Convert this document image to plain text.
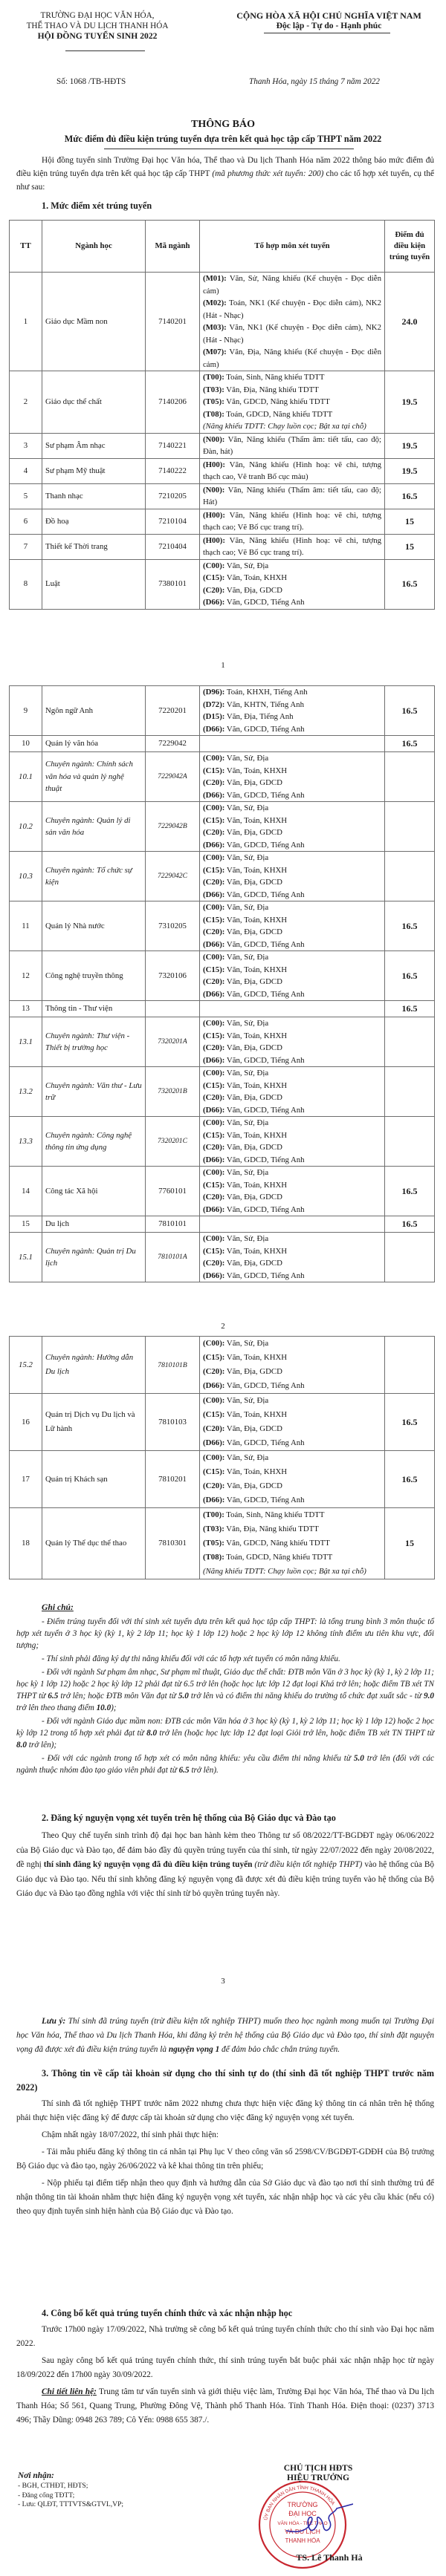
TRƯỜNG ĐẠI HỌC VĂN HÓA,
THỂ THAO VÀ DU LỊCH THANH HÓA
HỘI ĐỒNG TUYỂN SINH 2022
CỘNG HÒA XÃ HỘI CHỦ NGHĨA VIỆT NAM
Độc lập - Tự do - Hạnh phúc
Số: 1068 /TB-HĐTS	Thanh Hóa, ngày 15 tháng 7 năm 2022
THÔNG BÁO
Mức điểm đủ điều kiện trúng tuyển dựa trên kết quả học tập cấp THPT năm 2022

Hội đồng tuyển sinh Trường Đại học Văn hóa, Thể thao và Du lịch Thanh Hóa năm 2022 thông báo mức điểm đủ điều kiện trúng tuyển dựa trên kết quả học tập cấp THPT (mã phương thức xét tuyển: 200) cho các tổ hợp xét tuyển, cụ thể như sau:

1. Mức điểm xét trúng tuyển
TT	Ngành học	Mã ngành	Tổ hợp môn xét tuyển	Điểm đủ điều kiện trúng tuyển
1	Giáo dục Mầm non	7140201	(M01): Văn, Sử, Năng khiếu (Kể chuyện - Đọc diễn cảm)
(M02): Toán, NK1 (Kể chuyện - Đọc diễn cảm), NK2 (Hát - Nhạc)
(M03): Văn, NK1 (Kể chuyện - Đọc diễn cảm), NK2 (Hát - Nhạc)
(M07): Văn, Địa, Năng khiếu (Kể chuyện - Đọc diễn cảm)	24.0
2	Giáo dục thể chất	7140206	(T00): Toán, Sinh, Năng khiếu TDTT
(T03): Văn, Địa, Năng khiếu TDTT
(T05): Văn, GDCD, Năng khiếu TDTT
(T08): Toán, GDCD, Năng khiếu TDTT
(Năng khiếu TDTT: Chạy luồn cọc; Bật xa tại chỗ)	19.5
3	Sư phạm Âm nhạc	7140221	(N00): Văn, Năng khiếu (Thẩm âm: tiết tấu, cao độ; Đàn, hát)	19.5
4	Sư phạm Mỹ thuật	7140222	(H00): Văn, Năng khiếu (Hình hoạ: vẽ chì, tượng thạch cao, Vẽ tranh Bố cục màu)	19.5
5	Thanh nhạc	7210205	(N00): Văn, Năng khiếu (Thẩm âm: tiết tấu, cao độ; Hát)	16.5
6	Đồ hoạ	7210104	(H00): Văn, Năng khiếu (Hình hoạ: vẽ chì, tượng thạch cao; Vẽ Bố cục trang trí).	15
7	Thiết kế Thời trang	7210404	(H00): Văn, Năng khiếu (Hình hoạ: vẽ chì, tượng thạch cao; Vẽ Bố cục trang trí).	15
8	Luật	7380101	(C00): Văn, Sử, Địa
(C15): Văn, Toán, KHXH
(C20): Văn, Địa, GDCD
(D66): Văn, GDCD, Tiếng Anh	16.5
1
9	Ngôn ngữ Anh	7220201	(D96): Toán, KHXH, Tiếng Anh
(D72): Văn, KHTN, Tiếng Anh
(D15): Văn, Địa, Tiếng Anh
(D66): Văn, GDCD, Tiếng Anh	16.5
10	Quản lý văn hóa	7229042		16.5
10.1	Chuyên ngành: Chính sách văn hóa và quản lý nghệ thuật	7229042A	(C00): Văn, Sử, Địa
(C15): Văn, Toán, KHXH
(C20): Văn, Địa, GDCD
(D66): Văn, GDCD, Tiếng Anh	

10.2	Chuyên ngành: Quản lý di sản văn hóa	7229042B	(C00): Văn, Sử, Địa
(C15): Văn, Toán, KHXH
(C20): Văn, Địa, GDCD
(D66): Văn, GDCD, Tiếng Anh	

10.3	Chuyên ngành: Tổ chức sự kiện	7229042C	(C00): Văn, Sử, Địa
(C15): Văn, Toán, KHXH
(C20): Văn, Địa, GDCD
(D66): Văn, GDCD, Tiếng Anh	

11	Quản lý Nhà nước	7310205	(C00): Văn, Sử, Địa
(C15): Văn, Toán, KHXH
(C20): Văn, Địa, GDCD
(D66): Văn, GDCD, Tiếng Anh	16.5
12	Công nghệ truyền thông	7320106	(C00): Văn, Sử, Địa
(C15): Văn, Toán, KHXH
(C20): Văn, Địa, GDCD
(D66): Văn, GDCD, Tiếng Anh	16.5
13	Thông tin - Thư viện			16.5
13.1	Chuyên ngành: Thư viện - Thiết bị trường học	7320201A	(C00): Văn, Sử, Địa
(C15): Văn, Toán, KHXH
(C20): Văn, Địa, GDCD
(D66): Văn, GDCD, Tiếng Anh	

13.2	Chuyên ngành: Văn thư - Lưu trữ	7320201B	(C00): Văn, Sử, Địa
(C15): Văn, Toán, KHXH
(C20): Văn, Địa, GDCD
(D66): Văn, GDCD, Tiếng Anh	

13.3	Chuyên ngành: Công nghệ thông tin ứng dụng	7320201C	(C00): Văn, Sử, Địa
(C15): Văn, Toán, KHXH
(C20): Văn, Địa, GDCD
(D66): Văn, GDCD, Tiếng Anh	

14	Công tác Xã hội	7760101	(C00): Văn, Sử, Địa
(C15): Văn, Toán, KHXH
(C20): Văn, Địa, GDCD
(D66): Văn, GDCD, Tiếng Anh	16.5
15	Du lịch	7810101		16.5
15.1	Chuyên ngành: Quản trị Du lịch	7810101A	(C00): Văn, Sử, Địa
(C15): Văn, Toán, KHXH
(C20): Văn, Địa, GDCD
(D66): Văn, GDCD, Tiếng Anh	

2
15.2	Chuyên ngành: Hướng dẫn Du lịch	7810101B	(C00): Văn, Sử, Địa
(C15): Văn, Toán, KHXH
(C20): Văn, Địa, GDCD
(D66): Văn, GDCD, Tiếng Anh	

16	Quản trị Dịch vụ Du lịch và Lữ hành	7810103	(C00): Văn, Sử, Địa
(C15): Văn, Toán, KHXH
(C20): Văn, Địa, GDCD
(D66): Văn, GDCD, Tiếng Anh	16.5
17	Quản trị Khách sạn	7810201	(C00): Văn, Sử, Địa
(C15): Văn, Toán, KHXH
(C20): Văn, Địa, GDCD
(D66): Văn, GDCD, Tiếng Anh	16.5
18	Quản lý Thể dục thể thao	7810301	(T00): Toán, Sinh, Năng khiếu TDTT
(T03): Văn, Địa, Năng khiếu TDTT
(T05): Văn, GDCD, Năng khiếu TDTT
(T08): Toán, GDCD, Năng khiếu TDTT
(Năng khiếu TDTT: Chạy luồn cọc; Bật xa tại chỗ)	15
Ghi chú:

- Điểm trúng tuyển đối với thí sinh xét tuyển dựa trên kết quả học tập cấp THPT: là tổng trung bình 3 môn thuộc tổ hợp xét tuyển ở 3 học kỳ (kỳ 1, kỳ 2 lớp 11; học kỳ 1 lớp 12) hoặc 2 học kỳ lớp 12 không tính điểm ưu tiên khu vực, đối tượng;

- Thí sinh phải đăng ký dự thi năng khiếu đối với các tổ hợp xét tuyển có môn năng khiếu.

- Đối với ngành Sư phạm âm nhạc, Sư phạm mĩ thuật, Giáo dục thể chất: ĐTB môn Văn ở 3 học kỳ (kỳ 1, kỳ 2 lớp 11; học kỳ 1 lớp 12) hoặc 2 học kỳ lớp 12 phải đạt từ 6.5 trở lên (hoặc học lực lớp 12 đạt loại Khá trở lên; hoặc điểm TB xét TN THPT từ 6.5 trở lên; hoặc ĐTB môn Văn đạt từ 5.0 trở lên và có điểm thi năng khiếu do trường tổ chức đạt xuất sắc - từ 9.0 trở lên theo thang điểm 10.0);

- Đối với ngành Giáo dục mầm non: ĐTB các môn Văn hóa ở 3 học kỳ (kỳ 1, kỳ 2 lớp 11; học kỳ 1 lớp 12) hoặc 2 học kỳ lớp 12 trong tổ hợp xét phải đạt từ 8.0 trở lên (hoặc học lực lớp 12 đạt loại Giỏi trở lên, hoặc điểm TB xét TN THPT từ 8.0 trở lên);

- Đối với các ngành trong tổ hợp xét có môn năng khiếu: yêu cầu điểm thi năng khiếu từ 5.0 trở lên (đối với các ngành thuộc nhóm đào tạo giáo viên phải đạt từ 6.5 trở lên).

2. Đăng ký nguyện vọng xét tuyển trên hệ thống của Bộ Giáo dục và Đào tạo

Theo Quy chế tuyển sinh trình độ đại học ban hành kèm theo Thông tư số 08/2022/TT-BGDĐT ngày 06/06/2022 của Bộ Giáo dục và Đào tạo, để đảm bảo đầy đủ quyền trúng tuyển của thí sinh, từ ngày 22/07/2022 đến ngày 20/08/2022, đề nghị thí sinh đăng ký nguyện vọng đã đủ điều kiện trúng tuyển (trừ điều kiện tốt nghiệp THPT) vào hệ thống của Bộ Giáo dục và Đào tạo. Nếu thí sinh không đăng ký nguyện vọng đã được xét đủ điều kiện trúng tuyển vào hệ thống của Bộ Giáo dục và Đào tạo đồng nghĩa với việc thí sinh từ bỏ quyền trúng tuyển này.

3

Lưu ý: Thí sinh đã trúng tuyển (trừ điều kiện tốt nghiệp THPT) muốn theo học ngành mong muốn tại Trường Đại học Văn hóa, Thể thao và Du lịch Thanh Hóa, khi đăng ký trên hệ thống của Bộ Giáo dục và Đào tạo, thí sinh đặt nguyện vọng đã được xét đủ điều kiện trúng tuyển là nguyện vọng 1 để đảm bảo chắc chắn trúng tuyển.

3. Thông tin về cấp tài khoản sử dụng cho thí sinh tự do (thí sinh đã tốt nghiệp THPT trước năm 2022)

Thí sinh đã tốt nghiệp THPT trước năm 2022 nhưng chưa thực hiện việc đăng ký thông tin cá nhân trên hệ thống phải thực hiện việc đăng ký để được cấp tài khoản sử dụng cho việc đăng ký nguyện vọng xét tuyển.

Chậm nhất ngày 18/07/2022, thí sinh phải thực hiện:

- Tải mẫu phiếu đăng ký thông tin cá nhân tại Phụ lục V theo công văn số 2598/CV/BGDĐT-GDĐH của Bộ trưởng Bộ Giáo dục và đào tạo, ngày 26/06/2022 và kê khai thông tin trên phiếu;

- Nộp phiếu tại điểm tiếp nhận theo quy định và hướng dẫn của Sở Giáo dục và đào tạo nơi thí sinh thường trú để nhận thông tin tài khoản nhằm thực hiện đăng ký nguyện vọng xét tuyển, xác nhận nhập học và các yêu cầu khác (nếu có) theo quy định tuyển sinh hiện hành của Bộ Giáo dục và Đào tạo.

4. Công bố kết quả trúng tuyển chính thức và xác nhận nhập học

Trước 17h00 ngày 17/09/2022, Nhà trường sẽ công bố kết quả trúng tuyển chính thức cho thí sinh vào Đại học năm 2022.

Sau ngày công bố kết quả trúng tuyển chính thức, thí sinh trúng tuyển bắt buộc phải xác nhận nhập học từ ngày 18/09/2022 đến 17h00 ngày 30/09/2022.

Chi tiết liên hệ: Trung tâm tư vấn tuyển sinh và giới thiệu việc làm, Trường Đại học Văn hóa, Thể thao và Du lịch Thanh Hóa; Số 561, Quang Trung, Phường Đông Vệ, Thành phố Thanh Hóa. Tỉnh Thanh Hóa. Điện thoại: (0237) 3713 496; Thầy Dũng: 0948 263 789; Cô Yến: 0988 655 387./.

Nơi nhận:
- BGH, CTHĐT, HĐTS;
- Đăng cổng TĐTT;
- Lưu: QLĐT, TTTVTS&GTVL,VP;	TRƯỜNG
ĐẠI HỌC
VĂN HÓA - THỂ THAO
VÀ DU LỊCH
THANH HÓA
ỦY BAN NHÂN DÂN TỈNH THANH HÓA
CHỦ TỊCH HĐTS
HIỆU TRƯỞNG
TS. Lê Thanh Hà
